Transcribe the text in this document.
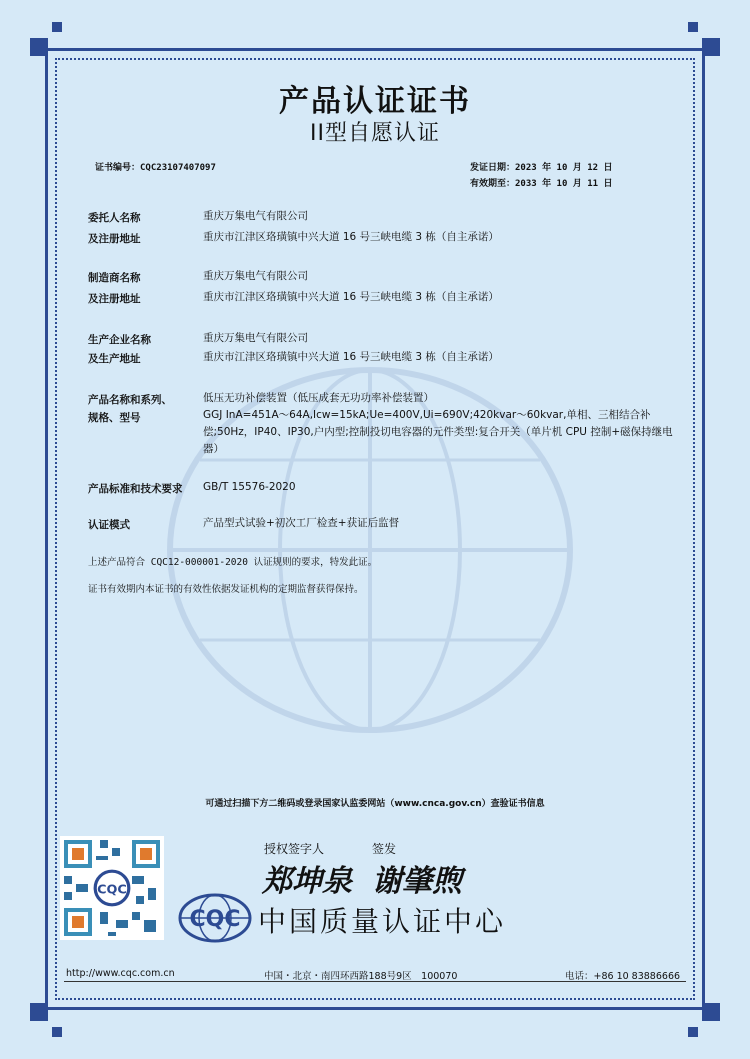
产品认证证书
II型自愿认证
证书编号：CQC23107407097	发证日期：2023 年 10 月 12 日
有效期至：2033 年 10 月 11 日
委托人名称	重庆万集电气有限公司
及注册地址	重庆市江津区珞璜镇中兴大道 16 号三峡电缆 3 栋（自主承诺）
制造商名称	重庆万集电气有限公司
及注册地址	重庆市江津区珞璜镇中兴大道 16 号三峡电缆 3 栋（自主承诺）
生产企业名称	重庆万集电气有限公司
及生产地址	重庆市江津区珞璜镇中兴大道 16 号三峡电缆 3 栋（自主承诺）
产品名称和系列、
规格、型号
低压无功补偿装置（低压成套无功功率补偿装置）
GGJ InA=451A～64A,Icw=15kA;Ue=400V,Ui=690V;420kvar～60kvar,单相、三相结合补偿;50Hz，IP40、IP30,户内型;控制投切电容器的元件类型:复合开关（单片机 CPU 控制+磁保持继电器）
产品标准和技术要求 GB/T 15576-2020
认证模式	产品型式试验+初次工厂检查+获证后监督
上述产品符合 CQC12-000001-2020 认证规则的要求，特发此证。
证书有效期内本证书的有效性依据发证机构的定期监督获得保持。
可通过扫描下方二维码或登录国家认监委网站（www.cnca.gov.cn）查验证书信息
CQC
授权签字人	签发
郑坤泉 谢肇煦
CQC 中国质量认证中心
http://www.cqc.com.cn	中国・北京・南四环西路188号9区　100070	电话：+86 10 83886666
